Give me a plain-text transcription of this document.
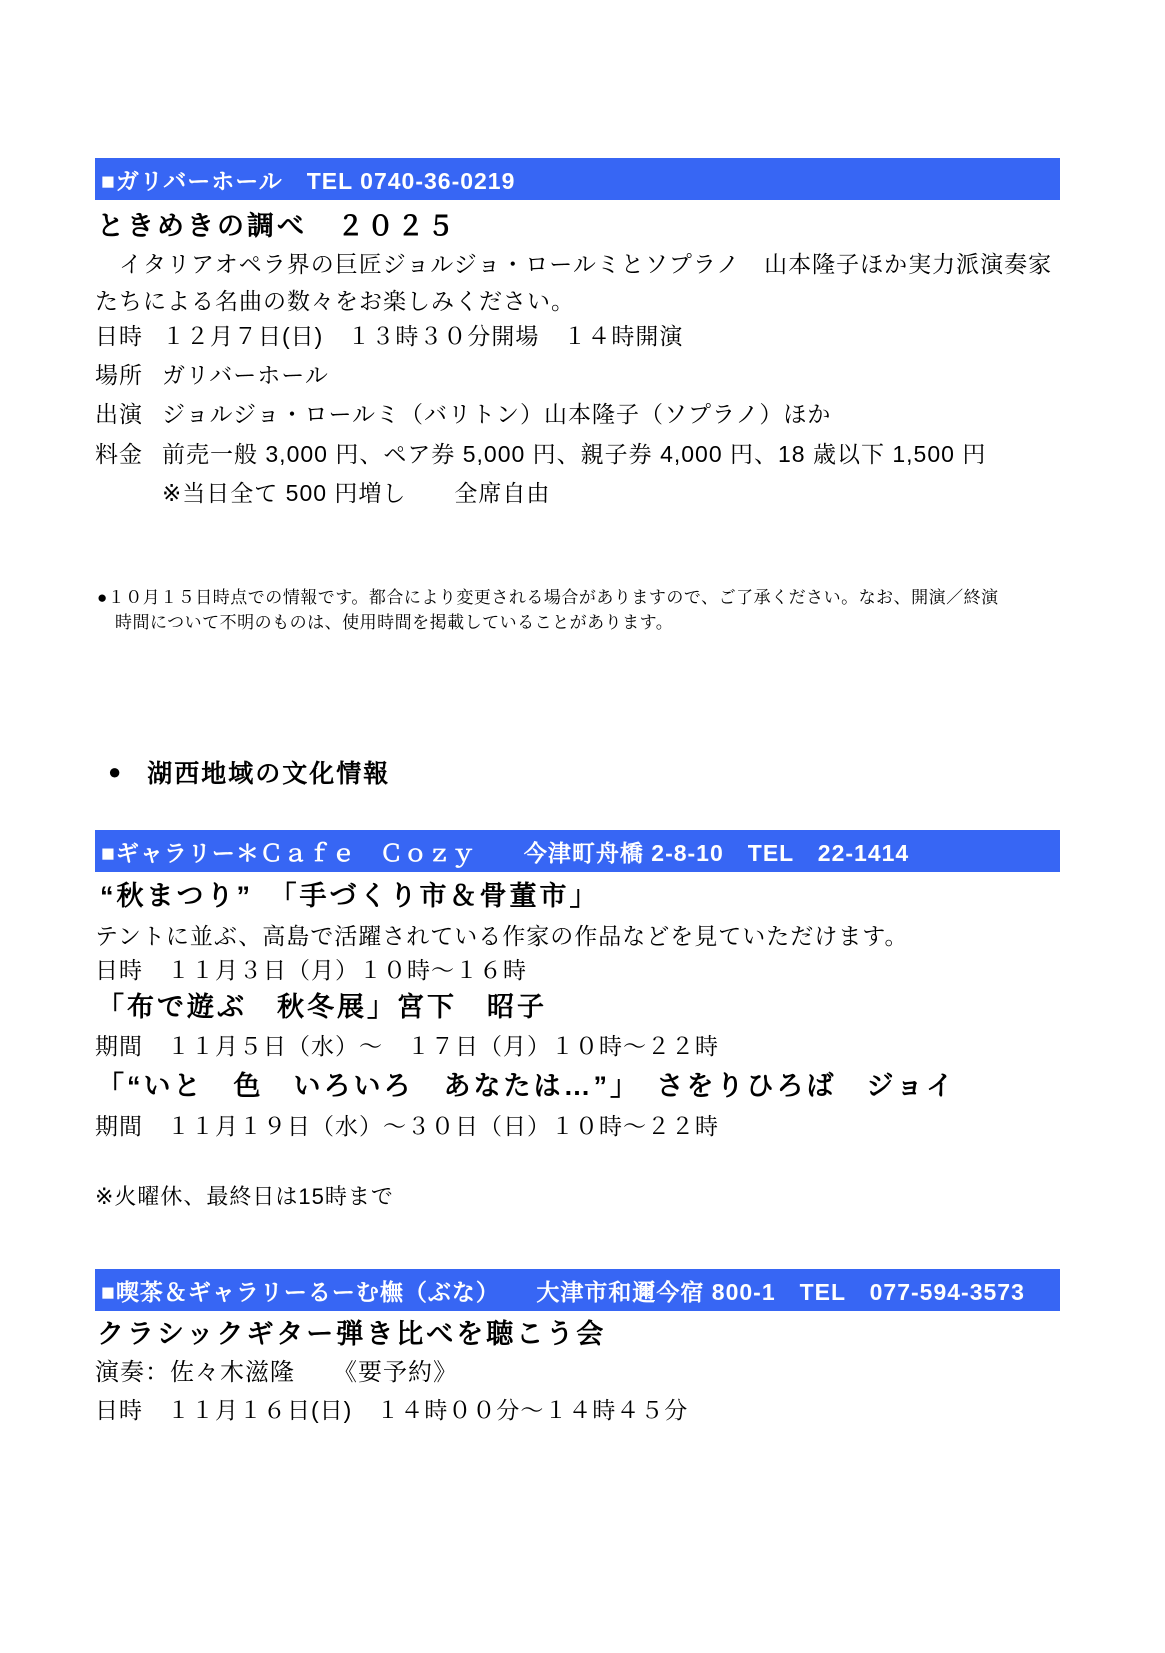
■ガリバーホール　TEL 0740-36-0219
ときめきの調べ　２０２５
　イタリアオペラ界の巨匠ジョルジョ・ロールミとソプラノ　山本隆子ほか実力派演奏家
たちによる名曲の数々をお楽しみください。
日時 １２月７日(日)　１３時３０分開場　１４時開演
場所 ガリバーホール
出演 ジョルジョ・ロールミ（バリトン）山本隆子（ソプラノ）ほか
料金 前売一般 3,000 円、ペア券 5,000 円、親子券 4,000 円、18 歳以下 1,500 円
※当日全て 500 円増し　　全席自由
●１０月１５日時点での情報です。都合により変更される場合がありますので、ご了承ください。なお、開演／終演
時間について不明のものは、使用時間を掲載していることがあります。
● 湖西地域の文化情報
■ギャラリー＊Ｃａｆｅ　Ｃｏｚｙ　　今津町舟橋 2-8-10　TEL　22-1414
“秋まつり”　「手づくり市＆骨董市」
テントに並ぶ、高島で活躍されている作家の作品などを見ていただけます。
日時　１１月３日（月）１０時～１６時
「布で遊ぶ　秋冬展」宮下　昭子
期間　１１月５日（水）～　１７日（月）１０時～２２時
「“いと　色　いろいろ　あなたは…”」　さをりひろば　ジョイ
期間　１１月１９日（水）～３０日（日）１０時～２２時
※火曜休、最終日は15時まで
■喫茶＆ギャラリーるーむ橅（ぶな）　　大津市和邇今宿 800-1　TEL　077-594-3573
クラシックギター弾き比べを聴こう会
演奏：佐々木滋隆　　《要予約》
日時　１１月１６日(日)　１４時００分～１４時４５分
